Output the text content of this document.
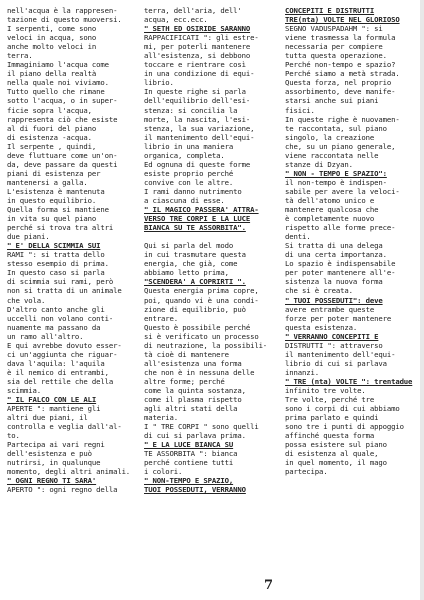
nell'acqua è la rappresen-
tazione di questo muoversi.
I serpenti, come sono
veloci in acqua, sono
anche molto veloci in
terra.
Immaginiamo l'acqua come
il piano della realtà
nella quale noi viviamo.
Tutto quello che rimane
sotto l'acqua, o in super-
ficie sopra l'acqua,
rappresenta ciò che esiste
al di fuori del piano
di esistenza -acqua.
Il serpente , quindi,
deve fluttuare come un'on-
da, deve passare da questi
piani di esistenza per
mantenersi a galla.
L'esistenza è mantenuta
in questo equilibrio.
Quella forma si mantiene
in vita su quel piano
perché si trova tra altri
due piani.
" E' DELLA SCIMMIA SUI
RAMI ": si tratta dello
stesso esempio di prima.
In questo caso si parla
di scimmia sui rami, però
non si tratta di un animale
che vola.
D'altro canto anche gli
uccelli non volano conti-
nuamente ma passano da
un ramo all'altro.
E qui avrebbe dovuto esser-
ci un'aggiunta che riguar-
dava l'aquila: l'aquila
è il nemico di entrambi,
sia del rettile che della
scimmia.
" IL FALCO CON LE ALI
APERTE ": mantiene gli
altri due piani, il
controlla e veglia dall'al-
to.
Partecipa ai vari regni
dell'esistenza e può
nutrirsi, in qualunque
momento, degli altri animali.
" OGNI REGNO TI SARA'
APERTO ": ogni regno della
terra, dell'aria, dell'
acqua, ecc.ecc.
" SETH ED OSIRIDE SARANNO
RAPPACIFICATI ": gli estre-
mi, per poterli mantenere
all'esistenza, si debbono
toccare e rientrare così
in una condizione di equi-
librio.
In queste righe si parla
dell'equilibrio dell'esi-
stenza: si concilia la
morte, la nascita, l'esi-
stenza, la sua variazione,
il mantenimento dell'equi-
librio in una maniera
organica, completa.
Ed ognuna di queste forme
esiste proprio perché
convive con le altre.
I rami danno nutrimento
a ciascuna di esse.
" IL MAGICO PASSERA' ATTRA-
VERSO TRE CORPI E LA LUCE
BIANCA SU TE ASSORBITA".
Qui si parla del modo
in cui trasmutare questa
energia, che già, come
abbiamo letto prima,
"SCENDERA' A COPRIRTI ".
Questa energia prima copre,
poi, quando vi è una condi-
zione di equilibrio, può
entrare.
Questo è possibile perché
si è verificato un processo
di neutrazione, la possibili-
tà cioè di mantenere
all'esistenza una forma
che non è in nessuna delle
altre forme; perché
come la quinta sostanza,
come il plasma rispetto
agli altri stati della
materia.
I " TRE CORPI " sono quelli
di cui si parlava prima.
" E LA LUCE BIANCA SU
TE ASSORBITA ": bianca
perché contiene tutti
i colori.
" NON-TEMPO E SPAZIO,
TUOI POSSEDUTI, VERRANNO
CONCEPITI E DISTRUTTI
TRE(nta) VOLTE NEL GLORIOSO
SEGNO VADUSPADAHM ": si
viene trasmessa la formula
necessaria per compiere
tutta questa operazione.
Perché non-tempo e spazio?
Perché siamo a metà strada.
Questa forza, nel proprio
assorbimento, deve manife-
starsi anche sui piani
fisici.
In queste righe è nuovamen-
te raccontata, sul piano
singolo, la creazione
che, su un piano generale,
viene raccontata nelle
stanze di Dzyan.
" NON - TEMPO E SPAZIO":
il non-tempo è indispen-
sabile per avere la veloci-
tà dell'atomo unico e
mantenere qualcosa che
è completamente nuovo
rispetto alle forme prece-
denti.
Si tratta di una delega
di una certa importanza.
Lo spazio è indispensabile
per poter mantenere all'e-
sistenza la nuova forma
che si è creata.
" TUOI POSSEDUTI": deve
avere entrambe queste
forze per poter mantenere
questa esistenza.
" VERRANNO CONCEPITI E
DISTRUTTI ": attraverso
il mantenimento dell'equi-
librio di cui si parlava
innanzi.
" TRE (nta) VOLTE ": trentadue
infinito tre volte.
Tre volte, perché tre
sono i corpi di cui abbiamo
prima parlato e quindi
sono tre i punti di appoggio
affinché questa forma
possa esistere sul piano
di esistenza al quale,
in quel momento, il mago
partecipa.
7
